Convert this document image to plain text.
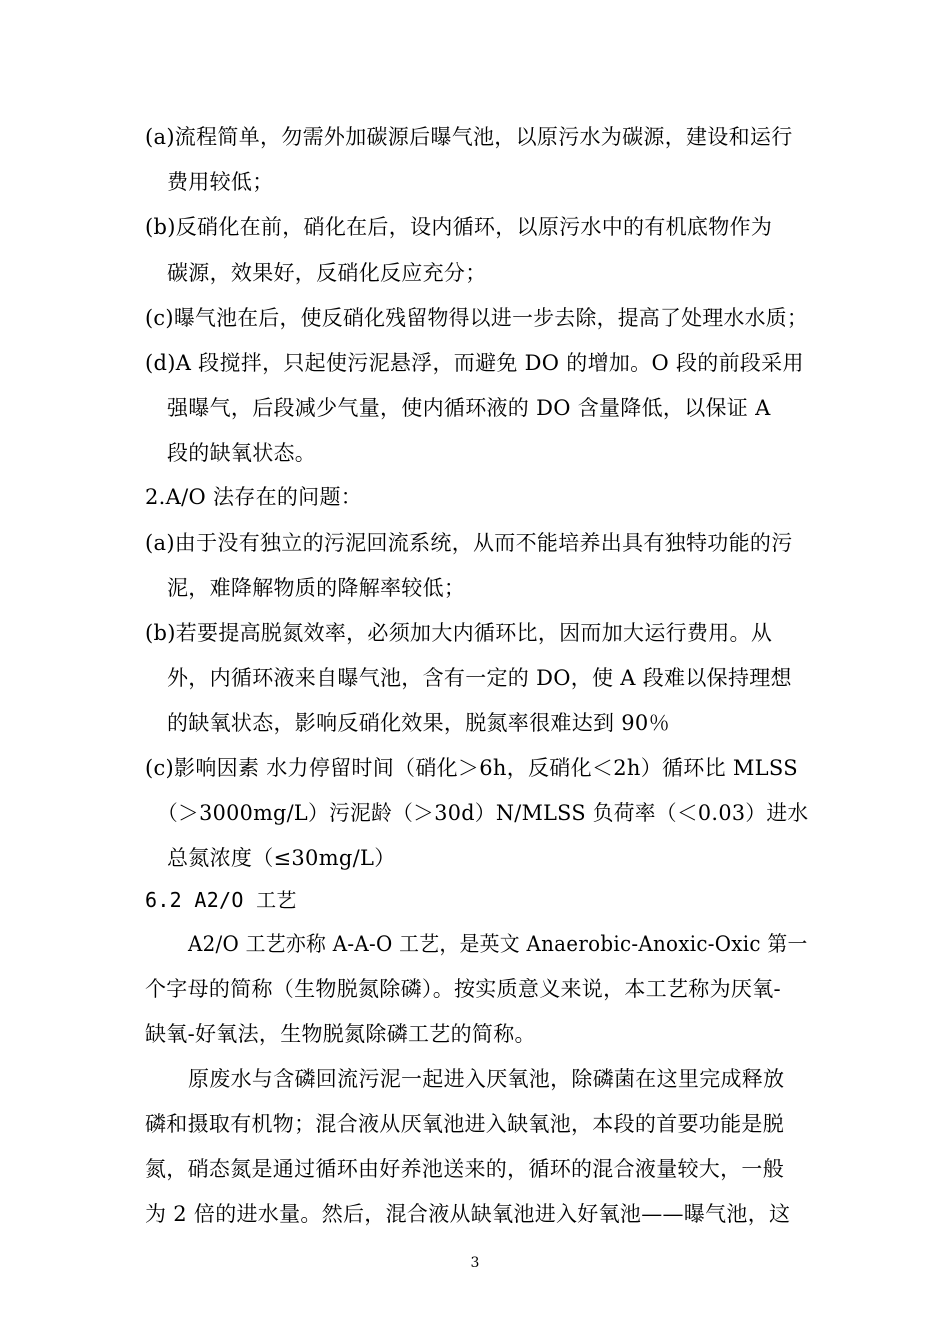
(a)流程简单，勿需外加碳源后曝气池，以原污水为碳源，建设和运行
费用较低；
(b)反硝化在前，硝化在后，设内循环，以原污水中的有机底物作为
碳源，效果好，反硝化反应充分；
(c)曝气池在后，使反硝化残留物得以进一步去除，提高了处理水水质；
(d)A 段搅拌，只起使污泥悬浮，而避免 DO 的增加。O 段的前段采用
强曝气，后段减少气量，使内循环液的 DO 含量降低，以保证 A
段的缺氧状态。
2.A/O 法存在的问题：
(a)由于没有独立的污泥回流系统，从而不能培养出具有独特功能的污
泥，难降解物质的降解率较低；
(b)若要提高脱氮效率，必须加大内循环比，因而加大运行费用。从
外，内循环液来自曝气池，含有一定的 DO，使 A 段难以保持理想
的缺氧状态，影响反硝化效果，脱氮率很难达到 90％
(c)影响因素 水力停留时间（硝化＞6h，反硝化＜2h）循环比 MLSS
（＞3000mg/L）污泥龄（＞30d）N/MLSS 负荷率（＜0.03）进水
总氮浓度（≤30mg/L）
6.2 A2/O 工艺
A2/O 工艺亦称 A-A-O 工艺，是英文 Anaerobic-Anoxic-Oxic 第一
个字母的简称（生物脱氮除磷）。按实质意义来说，本工艺称为厌氧-
缺氧-好氧法，生物脱氮除磷工艺的简称。
原废水与含磷回流污泥一起进入厌氧池，除磷菌在这里完成释放
磷和摄取有机物；混合液从厌氧池进入缺氧池，本段的首要功能是脱
氮，硝态氮是通过循环由好养池送来的，循环的混合液量较大，一般
为 2 倍的进水量。然后，混合液从缺氧池进入好氧池——曝气池，这
3
